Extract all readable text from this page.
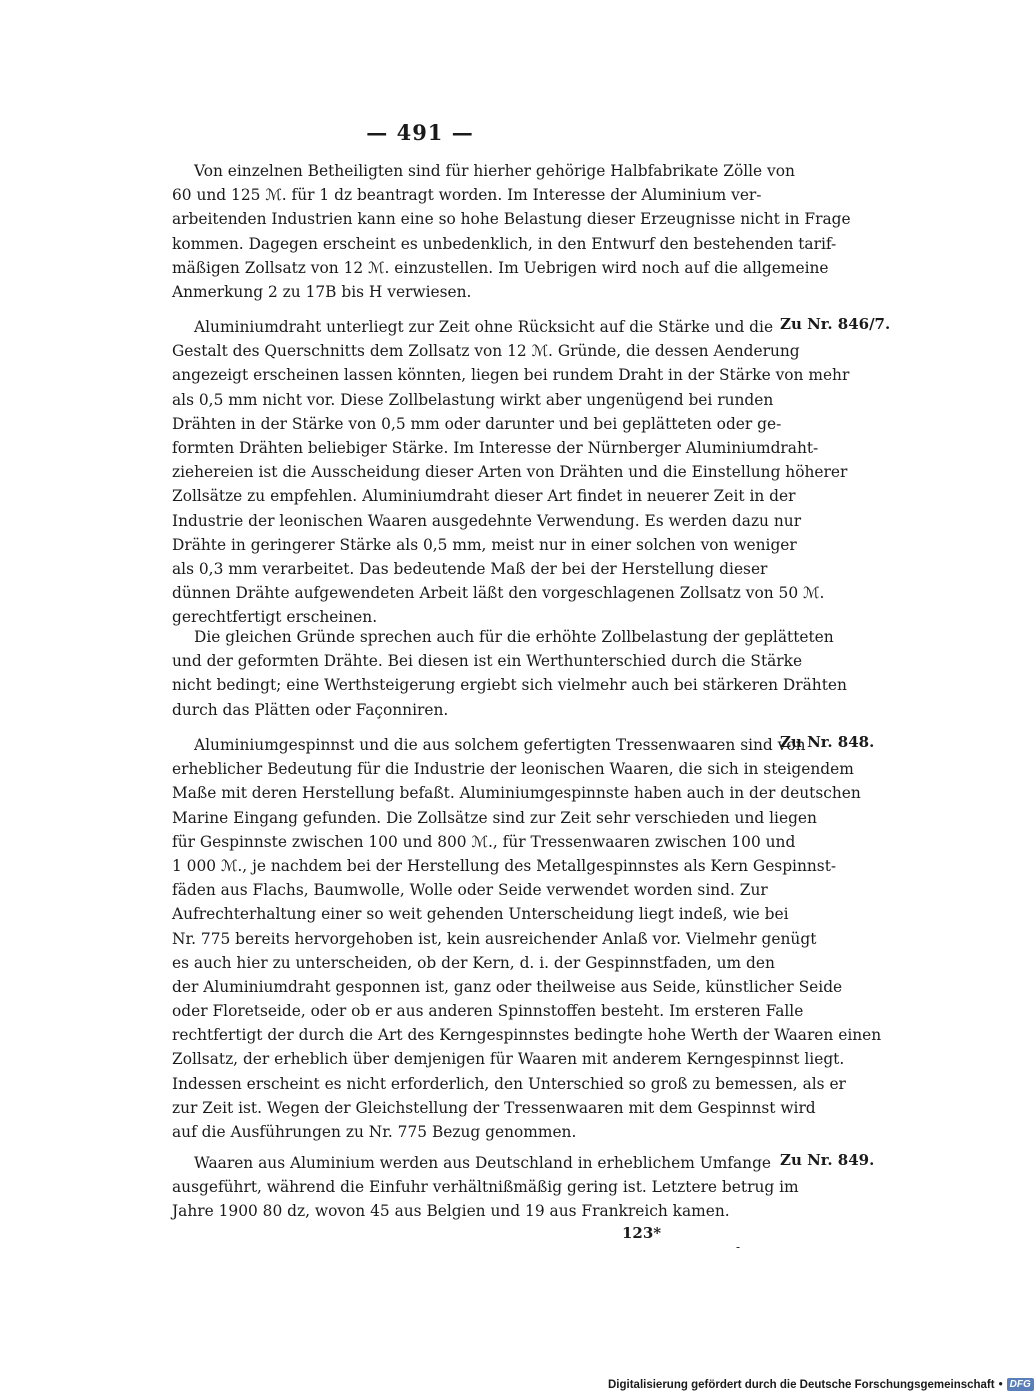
— 491 —
Von einzelnen Betheiligten sind für hierher gehörige Halbfabrikate Zölle von
60 und 125 ℳ. für 1 dz beantragt worden. Im Interesse der Aluminium ver-
arbeitenden Industrien kann eine so hohe Belastung dieser Erzeugnisse nicht in Frage
kommen. Dagegen erscheint es unbedenklich, in den Entwurf den bestehenden tarif-
mäßigen Zollsatz von 12 ℳ. einzustellen. Im Uebrigen wird noch auf die allgemeine
Anmerkung 2 zu 17B bis H verwiesen.
Zu Nr. 846/7.
Aluminiumdraht unterliegt zur Zeit ohne Rücksicht auf die Stärke und die
Gestalt des Querschnitts dem Zollsatz von 12 ℳ. Gründe, die dessen Aenderung
angezeigt erscheinen lassen könnten, liegen bei rundem Draht in der Stärke von mehr
als 0,5 mm nicht vor. Diese Zollbelastung wirkt aber ungenügend bei runden
Drähten in der Stärke von 0,5 mm oder darunter und bei geplätteten oder ge-
formten Drähten beliebiger Stärke. Im Interesse der Nürnberger Aluminiumdraht-
ziehereien ist die Ausscheidung dieser Arten von Drähten und die Einstellung höherer
Zollsätze zu empfehlen. Aluminiumdraht dieser Art findet in neuerer Zeit in der
Industrie der leonischen Waaren ausgedehnte Verwendung. Es werden dazu nur
Drähte in geringerer Stärke als 0,5 mm, meist nur in einer solchen von weniger
als 0,3 mm verarbeitet. Das bedeutende Maß der bei der Herstellung dieser
dünnen Drähte aufgewendeten Arbeit läßt den vorgeschlagenen Zollsatz von 50 ℳ.
gerechtfertigt erscheinen.
Die gleichen Gründe sprechen auch für die erhöhte Zollbelastung der geplätteten
und der geformten Drähte. Bei diesen ist ein Werthunterschied durch die Stärke
nicht bedingt; eine Werthsteigerung ergiebt sich vielmehr auch bei stärkeren Drähten
durch das Plätten oder Façonniren.
Zu Nr. 848.
Aluminiumgespinnst und die aus solchem gefertigten Tressenwaaren sind von
erheblicher Bedeutung für die Industrie der leonischen Waaren, die sich in steigendem
Maße mit deren Herstellung befaßt. Aluminiumgespinnste haben auch in der deutschen
Marine Eingang gefunden. Die Zollsätze sind zur Zeit sehr verschieden und liegen
für Gespinnste zwischen 100 und 800 ℳ., für Tressenwaaren zwischen 100 und
1 000 ℳ., je nachdem bei der Herstellung des Metallgespinnstes als Kern Gespinnst-
fäden aus Flachs, Baumwolle, Wolle oder Seide verwendet worden sind. Zur
Aufrechterhaltung einer so weit gehenden Unterscheidung liegt indeß, wie bei
Nr. 775 bereits hervorgehoben ist, kein ausreichender Anlaß vor. Vielmehr genügt
es auch hier zu unterscheiden, ob der Kern, d. i. der Gespinnstfaden, um den
der Aluminiumdraht gesponnen ist, ganz oder theilweise aus Seide, künstlicher Seide
oder Floretseide, oder ob er aus anderen Spinnstoffen besteht. Im ersteren Falle
rechtfertigt der durch die Art des Kerngespinnstes bedingte hohe Werth der Waaren einen
Zollsatz, der erheblich über demjenigen für Waaren mit anderem Kerngespinnst liegt.
Indessen erscheint es nicht erforderlich, den Unterschied so groß zu bemessen, als er
zur Zeit ist. Wegen der Gleichstellung der Tressenwaaren mit dem Gespinnst wird
auf die Ausführungen zu Nr. 775 Bezug genommen.
Zu Nr. 849.
Waaren aus Aluminium werden aus Deutschland in erheblichem Umfange
ausgeführt, während die Einfuhr verhältnißmäßig gering ist. Letztere betrug im
Jahre 1900 80 dz, wovon 45 aus Belgien und 19 aus Frankreich kamen.
123*
-
Digitalisierung gefördert durch die Deutsche Forschungsgemeinschaft • DFG
